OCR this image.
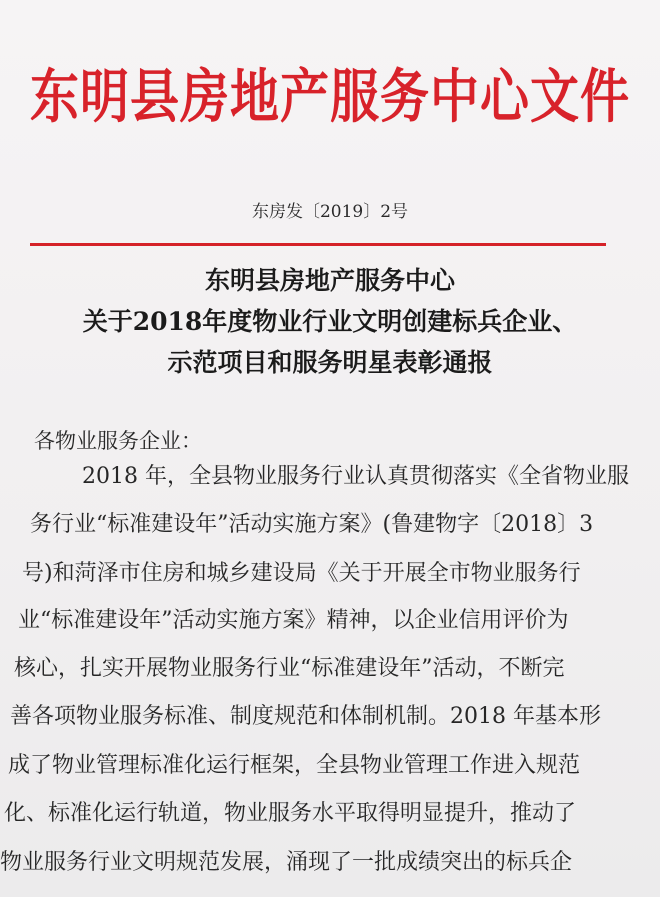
东明县房地产服务中心文件
东房发〔2019〕2号
东明县房地产服务中心
关于2018年度物业行业文明创建标兵企业、
示范项目和服务明星表彰通报
各物业服务企业：
2018 年，全县物业服务行业认真贯彻落实《全省物业服
务行业“标准建设年”活动实施方案》(鲁建物字〔2018〕3
号)和菏泽市住房和城乡建设局《关于开展全市物业服务行
业“标准建设年”活动实施方案》精神，以企业信用评价为
核心，扎实开展物业服务行业“标准建设年”活动，不断完
善各项物业服务标准、制度规范和体制机制。2018 年基本形
成了物业管理标准化运行框架，全县物业管理工作进入规范
化、标准化运行轨道，物业服务水平取得明显提升，推动了
物业服务行业文明规范发展，涌现了一批成绩突出的标兵企
